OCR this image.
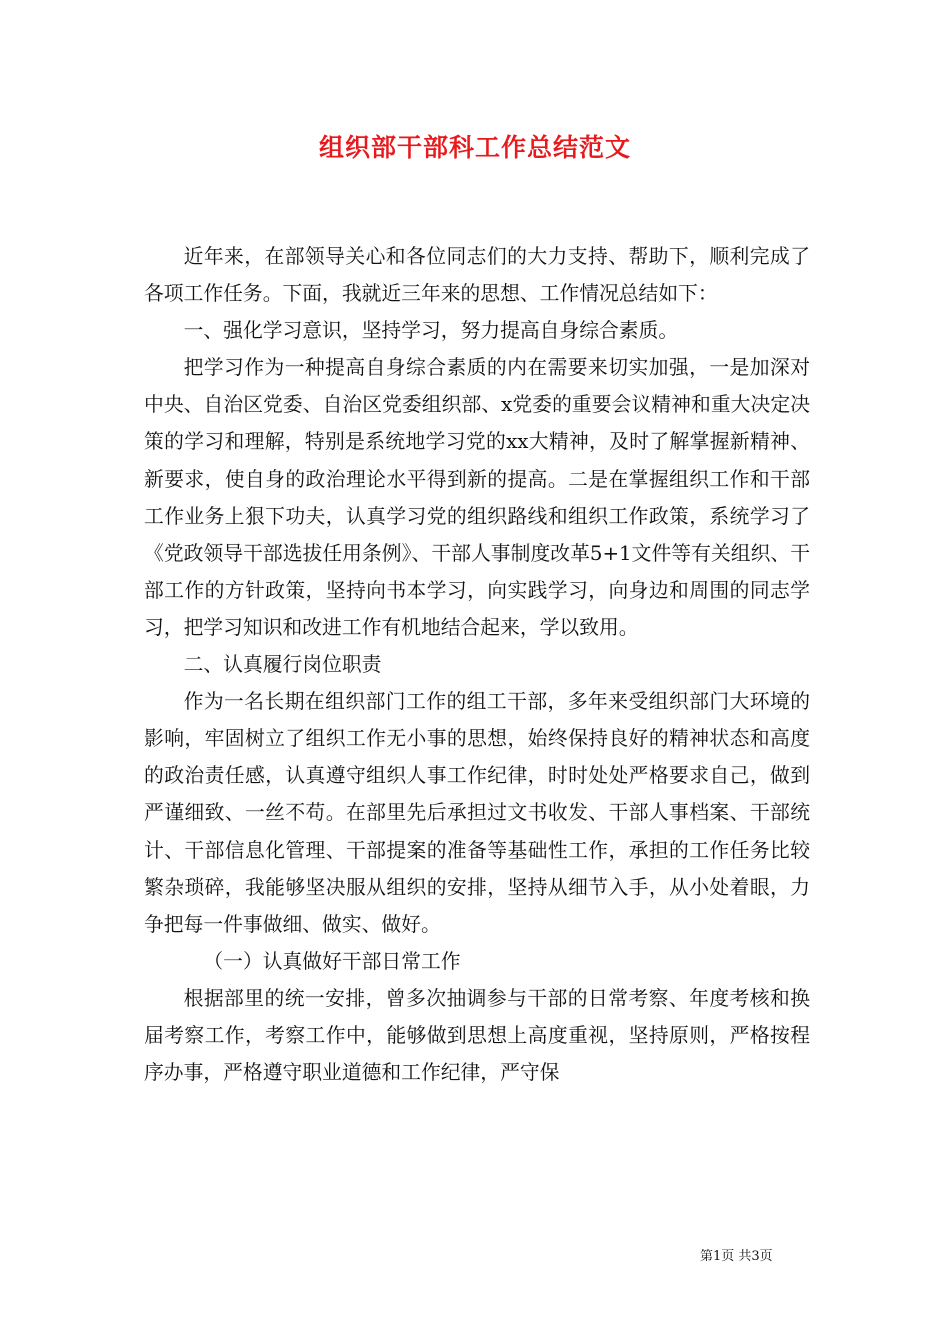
组织部干部科工作总结范文

近年来，在部领导关心和各位同志们的大力支持、帮助下，顺利完成了各项工作任务。下面，我就近三年来的思想、工作情况总结如下：

一、强化学习意识，坚持学习，努力提高自身综合素质。

把学习作为一种提高自身综合素质的内在需要来切实加强，一是加深对中央、自治区党委、自治区党委组织部、x党委的重要会议精神和重大决定决策的学习和理解，特别是系统地学习党的xx大精神，及时了解掌握新精神、新要求，使自身的政治理论水平得到新的提高。二是在掌握组织工作和干部工作业务上狠下功夫，认真学习党的组织路线和组织工作政策，系统学习了《党政领导干部选拔任用条例》、干部人事制度改革5+1文件等有关组织、干部工作的方针政策，坚持向书本学习，向实践学习，向身边和周围的同志学习，把学习知识和改进工作有机地结合起来，学以致用。

二、认真履行岗位职责

作为一名长期在组织部门工作的组工干部，多年来受组织部门大环境的影响，牢固树立了组织工作无小事的思想，始终保持良好的精神状态和高度的政治责任感，认真遵守组织人事工作纪律，时时处处严格要求自己，做到严谨细致、一丝不苟。在部里先后承担过文书收发、干部人事档案、干部统计、干部信息化管理、干部提案的准备等基础性工作，承担的工作任务比较繁杂琐碎，我能够坚决服从组织的安排，坚持从细节入手，从小处着眼，力争把每一件事做细、做实、做好。

（一）认真做好干部日常工作

根据部里的统一安排，曾多次抽调参与干部的日常考察、年度考核和换届考察工作，考察工作中，能够做到思想上高度重视，坚持原则，严格按程序办事，严格遵守职业道德和工作纪律，严守保

第1页 共3页
